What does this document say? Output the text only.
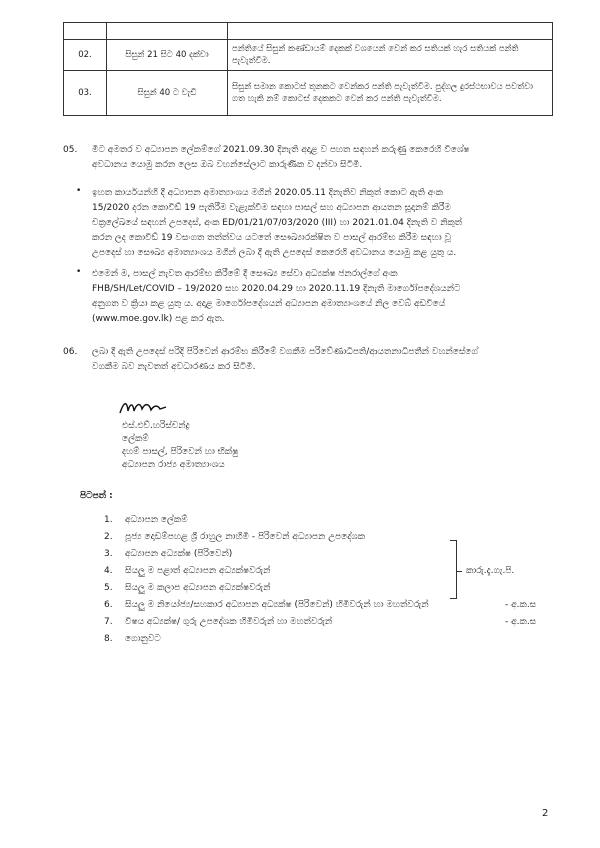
02.	සිසුන් 21 සිට 40 දක්වා	පන්තියේ සිසුන් කණ්ඩායම් දෙකක් වශයෙන් වෙන් කර සතියක් හැර සතියක් පන්ති පැවැත්වීම.
03.	සිසුන් 40 ට වැඩි	සිසුන් සමාන කොටස් තුනකට වෙන්කර පන්ති පැවැත්වීම. පුද්ගල දුරස්ථභාවය පවත්වා ගත හැකි නම් කොටස් දෙකකට වෙන් කර පන්ති පැවැත්වීම.
05. මීට අමතර ව අධ්‍යාපන ලේකම්ගේ 2021.09.30 දිනැති අදාළ ව පහත සඳහන් කරුණු කෙරෙහි විශේෂ
අවධානය යොමු කරන ලෙස ඔබ වහන්සේලාට කාරුණික ව දන්වා සිටිමි.
• ඉහත කාර්යයන්හි දී අධ්‍යාපන අමාත්‍යාංශය මගින් 2020.05.11 දිනැතිව නිකුත් කොට ඇති අංක
15/2020 දරන කොවිඩ් 19 පැතිරීම වැළැක්වීම සඳහා පාසල් සහ අධ්‍යාපන ආයතන සූදානම් කිරීම
චක්‍රලේඛයේ සඳහන් උපදෙස්, අංක ED/01/21/07/03/2020 (III) හා 2021.01.04 දිනැති ව නිකුත්
කරන ලද කොවිඩ් 19 වසංගත තත්ත්වය යටතේ සෞඛ්‍යාරක්ෂිත ව පාසල් ආරම්භ කිරීම සඳහා වූ
උපදෙස් හා සෞඛ්‍ය අමාත්‍යාංශය මගින් ලබා දී ඇති උපදෙස් කෙරෙහි අවධානය යොමු කළ යුතු ය.
• එමෙන් ම, පාසල් නැවත ආරම්භ කිරීමේ දී සෞඛ්‍ය සේවා අධ්‍යක්ෂ ජනරාල්ගේ අංක
FHB/SH/Let/COVID – 19/2020 සහ 2020.04.29 හා 2020.11.19 දිනැති මාර්ගෝපදේශයන්ට
අනුගත ව ක්‍රියා කළ යුතු ය. අදාළ මාර්ගෝපදේශයන් අධ්‍යාපන අමාත්‍යාංශයේ නිල වෙබ් අඩවියේ
(www.moe.gov.lk) පළ කර ඇත.
06. ලබා දී ඇති උපදෙස් පරිදි පිරිවෙන් ආරම්භ කිරීමේ වගකීම පරිවේණාධිපති/ආයතනාධිපතීන් වහන්සේගේ
වගකීම බව නැවතත් අවධාරණය කර සිටිමි.
එස්.එච්.හරිස්චන්ද්‍ර
ලේකම්
දහම් පාසල්, පිරිවෙන් හා භික්ෂු
අධ්‍යාපන රාජ්‍ය අමාත්‍යාංශය
පිටපත් :
1. අධ්‍යාපන ලේකම්
2. පූජ්‍ය දොඩම්පහළ ශ්‍රී රාහුල නාහිමි - පිරිවෙන් අධ්‍යාපන උපදේශක
3. අධ්‍යාපන අධ්‍යක්ෂ (පිරිවෙන්)
4. සියලු ම පළාත් අධ්‍යාපන අධ්‍යක්ෂවරුන්
5. සියලු ම කලාප අධ්‍යාපන අධ්‍යක්ෂවරුන්
6. සියලු ම නියෝජ්‍ය/සහකාර අධ්‍යාපන අධ්‍යක්ෂ (පිරිවෙන්) හිමිවරුන් හා මහත්වරුන්
7. විෂය අධ්‍යක්ෂ/ ගුරු උපදේශක හිමිවරුන් හා මහත්වරුන්
8. ගොනුවට
කාරු.දැ.ගැ.පි.
- අ.ක.ස
- අ.ක.ස
2
